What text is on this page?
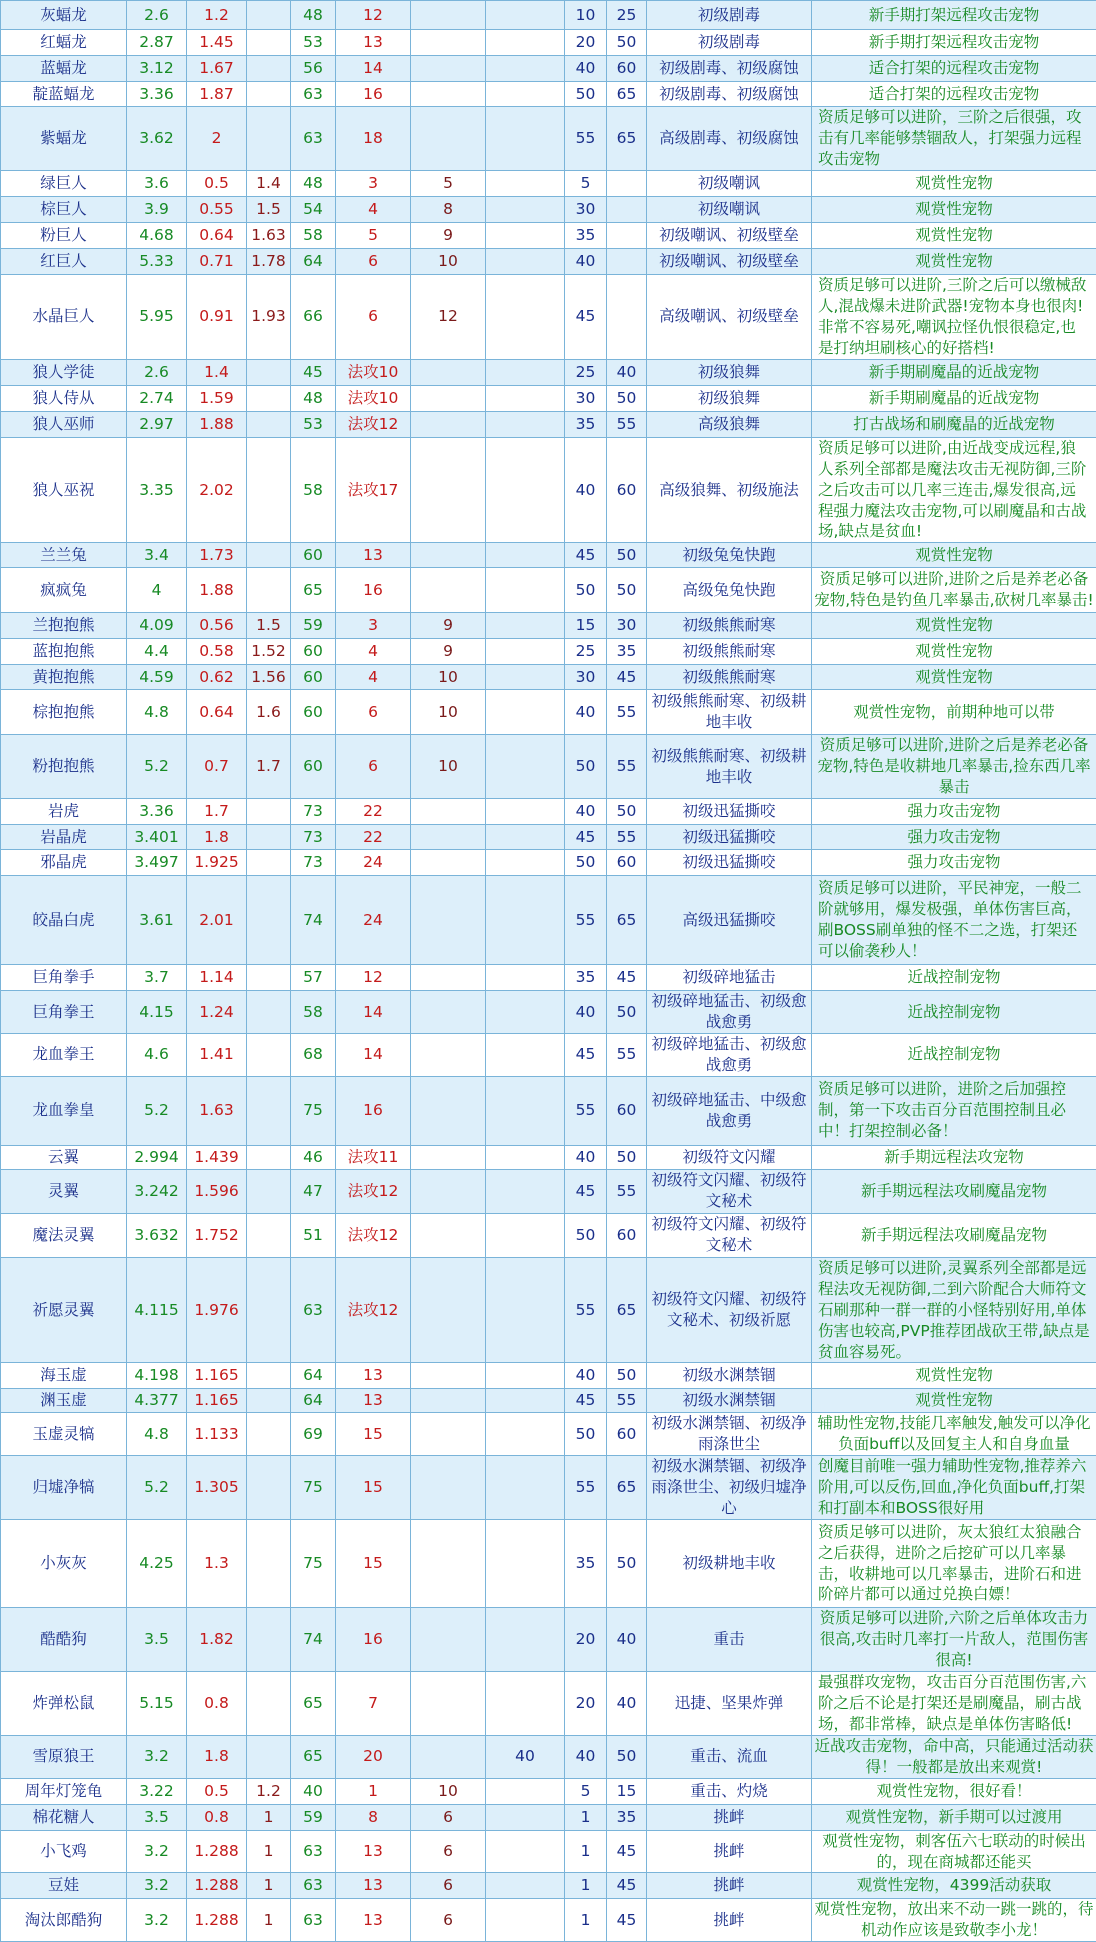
灰蝠龙	2.6	1.2		48	12			10	25	初级剧毒	新手期打架远程攻击宠物
红蝠龙	2.87	1.45		53	13			20	50	初级剧毒	新手期打架远程攻击宠物
蓝蝠龙	3.12	1.67		56	14			40	60	初级剧毒、初级腐蚀	适合打架的远程攻击宠物
靛蓝蝠龙	3.36	1.87		63	16			50	65	初级剧毒、初级腐蚀	适合打架的远程攻击宠物
紫蝠龙	3.62	2		63	18			55	65	高级剧毒、初级腐蚀	资质足够可以进阶，三阶之后很强，攻击有几率能够禁锢敌人，打架强力远程攻击宠物
绿巨人	3.6	0.5	1.4	48	3	5		5		初级嘲讽	观赏性宠物
棕巨人	3.9	0.55	1.5	54	4	8		30		初级嘲讽	观赏性宠物
粉巨人	4.68	0.64	1.63	58	5	9		35		初级嘲讽、初级壁垒	观赏性宠物
红巨人	5.33	0.71	1.78	64	6	10		40		初级嘲讽、初级壁垒	观赏性宠物
水晶巨人	5.95	0.91	1.93	66	6	12		45		高级嘲讽、初级壁垒	资质足够可以进阶,三阶之后可以缴械敌人,混战爆未进阶武器!宠物本身也很肉!非常不容易死,嘲讽拉怪仇恨很稳定,也是打纳坦刷核心的好搭档!
狼人学徒	2.6	1.4		45	法攻10			25	40	初级狼舞	新手期刷魔晶的近战宠物
狼人侍从	2.74	1.59		48	法攻10			30	50	初级狼舞	新手期刷魔晶的近战宠物
狼人巫师	2.97	1.88		53	法攻12			35	55	高级狼舞	打古战场和刷魔晶的近战宠物
狼人巫祝	3.35	2.02		58	法攻17			40	60	高级狼舞、初级施法	资质足够可以进阶,由近战变成远程,狼人系列全部都是魔法攻击无视防御,三阶之后攻击可以几率三连击,爆发很高,远程强力魔法攻击宠物,可以刷魔晶和古战场,缺点是贫血!
兰兰兔	3.4	1.73		60	13			45	50	初级兔兔快跑	观赏性宠物
疯疯兔	4	1.88		65	16			50	50	高级兔兔快跑	资质足够可以进阶,进阶之后是养老必备宠物,特色是钓鱼几率暴击,砍树几率暴击!
兰抱抱熊	4.09	0.56	1.5	59	3	9		15	30	初级熊熊耐寒	观赏性宠物
蓝抱抱熊	4.4	0.58	1.52	60	4	9		25	35	初级熊熊耐寒	观赏性宠物
黄抱抱熊	4.59	0.62	1.56	60	4	10		30	45	初级熊熊耐寒	观赏性宠物
棕抱抱熊	4.8	0.64	1.6	60	6	10		40	55	初级熊熊耐寒、初级耕地丰收	观赏性宠物，前期种地可以带
粉抱抱熊	5.2	0.7	1.7	60	6	10		50	55	初级熊熊耐寒、初级耕地丰收	资质足够可以进阶,进阶之后是养老必备宠物,特色是收耕地几率暴击,捡东西几率暴击
岩虎	3.36	1.7		73	22			40	50	初级迅猛撕咬	强力攻击宠物
岩晶虎	3.401	1.8		73	22			45	55	初级迅猛撕咬	强力攻击宠物
邪晶虎	3.497	1.925		73	24			50	60	初级迅猛撕咬	强力攻击宠物
皎晶白虎	3.61	2.01		74	24			55	65	高级迅猛撕咬	资质足够可以进阶，平民神宠，一般二阶就够用，爆发极强，单体伤害巨高，刷BOSS刷单独的怪不二之选，打架还可以偷袭秒人！
巨角拳手	3.7	1.14		57	12			35	45	初级碎地猛击	近战控制宠物
巨角拳王	4.15	1.24		58	14			40	50	初级碎地猛击、初级愈战愈勇	近战控制宠物
龙血拳王	4.6	1.41		68	14			45	55	初级碎地猛击、初级愈战愈勇	近战控制宠物
龙血拳皇	5.2	1.63		75	16			55	60	初级碎地猛击、中级愈战愈勇	资质足够可以进阶，进阶之后加强控制，第一下攻击百分百范围控制且必中！打架控制必备！
云翼	2.994	1.439		46	法攻11			40	50	初级符文闪耀	新手期远程法攻宠物
灵翼	3.242	1.596		47	法攻12			45	55	初级符文闪耀、初级符文秘术	新手期远程法攻刷魔晶宠物
魔法灵翼	3.632	1.752		51	法攻12			50	60	初级符文闪耀、初级符文秘术	新手期远程法攻刷魔晶宠物
祈愿灵翼	4.115	1.976		63	法攻12			55	65	初级符文闪耀、初级符文秘术、初级祈愿	资质足够可以进阶,灵翼系列全部都是远程法攻无视防御,二到六阶配合大师符文石刷那种一群一群的小怪特别好用,单体伤害也较高,PVP推荐团战砍王带,缺点是贫血容易死。
海玉虚	4.198	1.165		64	13			40	50	初级水渊禁锢	观赏性宠物
渊玉虚	4.377	1.165		64	13			45	55	初级水渊禁锢	观赏性宠物
玉虚灵犒	4.8	1.133		69	15			50	60	初级水渊禁锢、初级净雨涤世尘	辅助性宠物,技能几率触发,触发可以净化负面buff以及回复主人和自身血量
归墟净犒	5.2	1.305		75	15			55	65	初级水渊禁锢、初级净雨涤世尘、初级归墟净心	创魔目前唯一强力辅助性宠物,推荐养六阶用,可以反伤,回血,净化负面buff,打架和打副本和BOSS很好用
小灰灰	4.25	1.3		75	15			35	50	初级耕地丰收	资质足够可以进阶，灰太狼红太狼融合之后获得，进阶之后挖矿可以几率暴击，收耕地可以几率暴击，进阶石和进阶碎片都可以通过兑换白嫖！
酷酷狗	3.5	1.82		74	16			20	40	重击	资质足够可以进阶,六阶之后单体攻击力很高,攻击时几率打一片敌人，范围伤害很高!
炸弹松鼠	5.15	0.8		65	7			20	40	迅捷、坚果炸弹	最强群攻宠物，攻击百分百范围伤害,六阶之后不论是打架还是刷魔晶，刷古战场，都非常棒，缺点是单体伤害略低!
雪原狼王	3.2	1.8		65	20		40	40	50	重击、流血	近战攻击宠物，命中高，只能通过活动获得！一般都是放出来观赏!
周年灯笼龟	3.22	0.5	1.2	40	1	10		5	15	重击、灼烧	观赏性宠物，很好看！
棉花糖人	3.5	0.8	1	59	8	6		1	35	挑衅	观赏性宠物，新手期可以过渡用
小飞鸡	3.2	1.288	1	63	13	6		1	45	挑衅	观赏性宠物，刺客伍六七联动的时候出的，现在商城都还能买
豆娃	3.2	1.288	1	63	13	6		1	45	挑衅	观赏性宠物，4399活动获取
淘汰郎酷狗	3.2	1.288	1	63	13	6		1	45	挑衅	观赏性宠物，放出来不动一跳一跳的，待机动作应该是致敬李小龙！
